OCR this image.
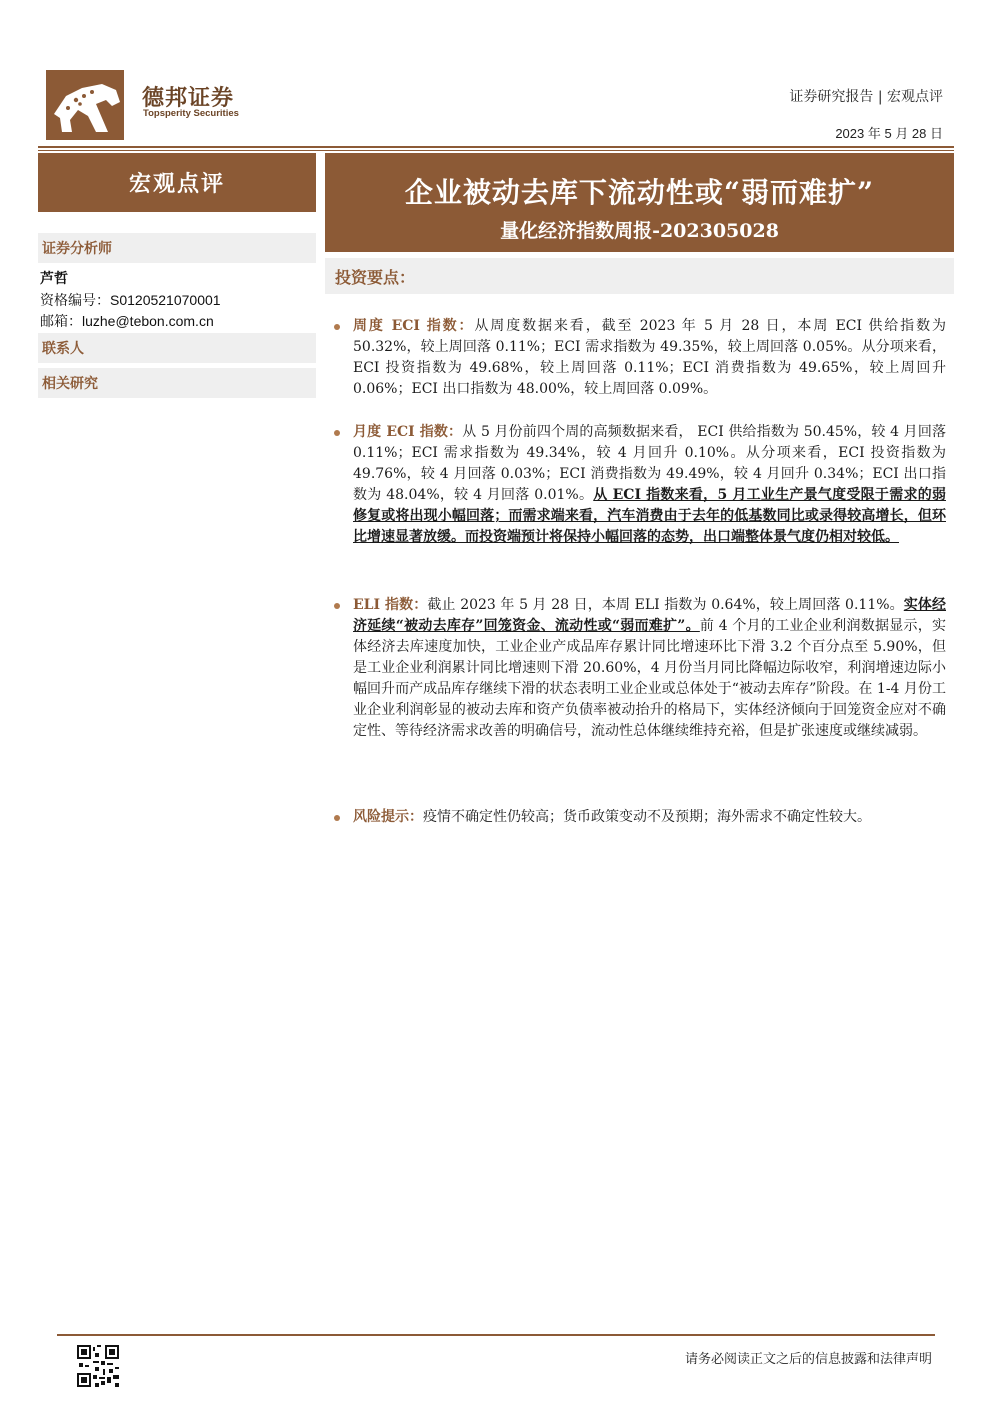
德邦证券
Topsperity Securities
证券研究报告 | 宏观点评
2023 年 5 月 28 日
宏观点评
证券分析师
芦哲
资格编号：S0120521070001
邮箱：luzhe@tebon.com.cn
联系人
相关研究
企业被动去库下流动性或“弱而难扩”
量化经济指数周报-202305028
投资要点：
周度 ECI 指数：从周度数据来看，截至 2023 年 5 月 28 日，本周 ECI 供给指数为 50.32%，较上周回落 0.11%；ECI 需求指数为 49.35%，较上周回落 0.05%。从分项来看，ECI 投资指数为 49.68%，较上周回落 0.11%；ECI 消费指数为 49.65%，较上周回升 0.06%；ECI 出口指数为 48.00%，较上周回落 0.09%。
月度 ECI 指数：从 5 月份前四个周的高频数据来看， ECI 供给指数为 50.45%，较 4 月回落 0.11%；ECI 需求指数为 49.34%，较 4 月回升 0.10%。从分项来看，ECI 投资指数为 49.76%，较 4 月回落 0.03%；ECI 消费指数为 49.49%，较 4 月回升 0.34%；ECI 出口指数为 48.04%，较 4 月回落 0.01%。从 ECI 指数来看，5 月工业生产景气度受限于需求的弱修复或将出现小幅回落；而需求端来看，汽车消费由于去年的低基数同比或录得较高增长，但环比增速显著放缓。而投资端预计将保持小幅回落的态势，出口端整体景气度仍相对较低。
ELI 指数：截止 2023 年 5 月 28 日，本周 ELI 指数为 0.64%，较上周回落 0.11%。实体经济延续“被动去库存”回笼资金、流动性或“弱而难扩”。前 4 个月的工业企业利润数据显示，实体经济去库速度加快，工业企业产成品库存累计同比增速环比下滑 3.2 个百分点至 5.90%，但是工业企业利润累计同比增速则下滑 20.60%，4 月份当月同比降幅边际收窄，利润增速边际小幅回升而产成品库存继续下滑的状态表明工业企业或总体处于“被动去库存”阶段。在 1-4 月份工业企业利润彰显的被动去库和资产负债率被动抬升的格局下，实体经济倾向于回笼资金应对不确定性、等待经济需求改善的明确信号，流动性总体继续维持充裕，但是扩张速度或继续减弱。
风险提示：疫情不确定性仍较高；货币政策变动不及预期；海外需求不确定性较大。
请务必阅读正文之后的信息披露和法律声明
